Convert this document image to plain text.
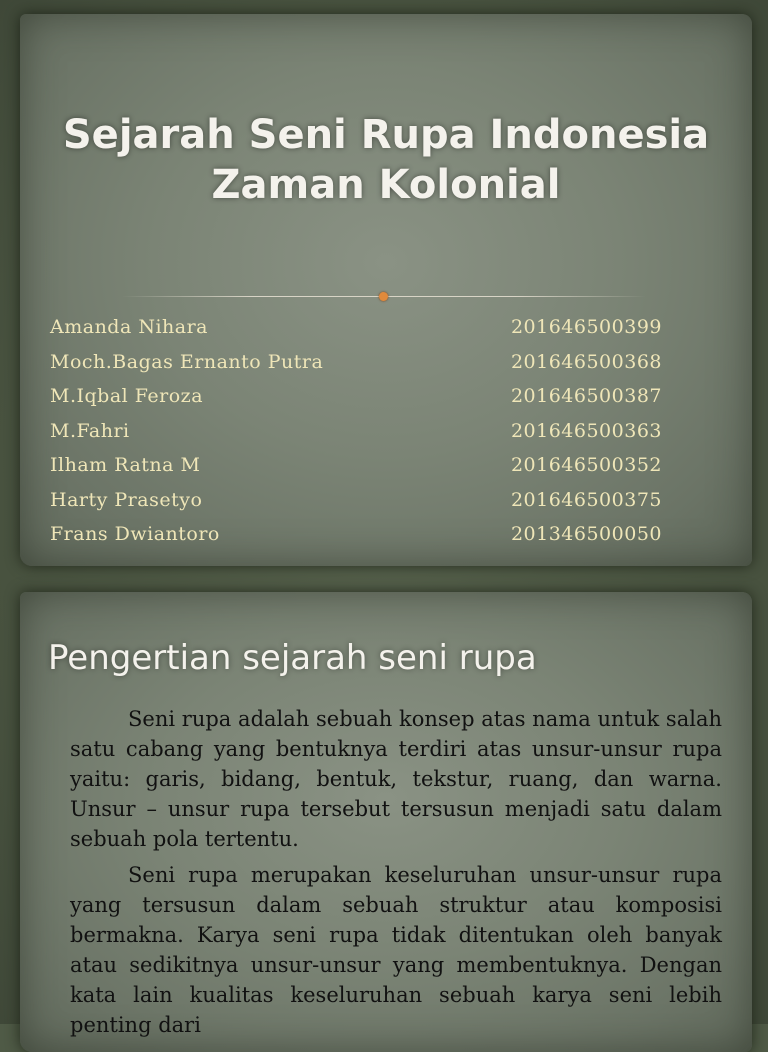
Sejarah Seni Rupa Indonesia
Zaman Kolonial
Amanda Nihara	201646500399
Moch.Bagas Ernanto Putra	201646500368
M.Iqbal Feroza	201646500387
M.Fahri	201646500363
Ilham Ratna M	201646500352
Harty Prasetyo	201646500375
Frans Dwiantoro	201346500050
Pengertian sejarah seni rupa

Seni rupa adalah sebuah konsep atas nama untuk salah satu cabang yang bentuknya terdiri atas unsur-unsur rupa yaitu: garis, bidang, bentuk, tekstur, ruang, dan warna. Unsur – unsur rupa tersebut tersusun menjadi satu dalam sebuah pola tertentu.

Seni rupa merupakan keseluruhan unsur-unsur rupa yang tersusun dalam sebuah struktur atau komposisi bermakna. Karya seni rupa tidak ditentukan oleh banyak atau sedikitnya unsur-unsur yang membentuknya. Dengan kata lain kualitas keseluruhan sebuah karya seni lebih penting dari
